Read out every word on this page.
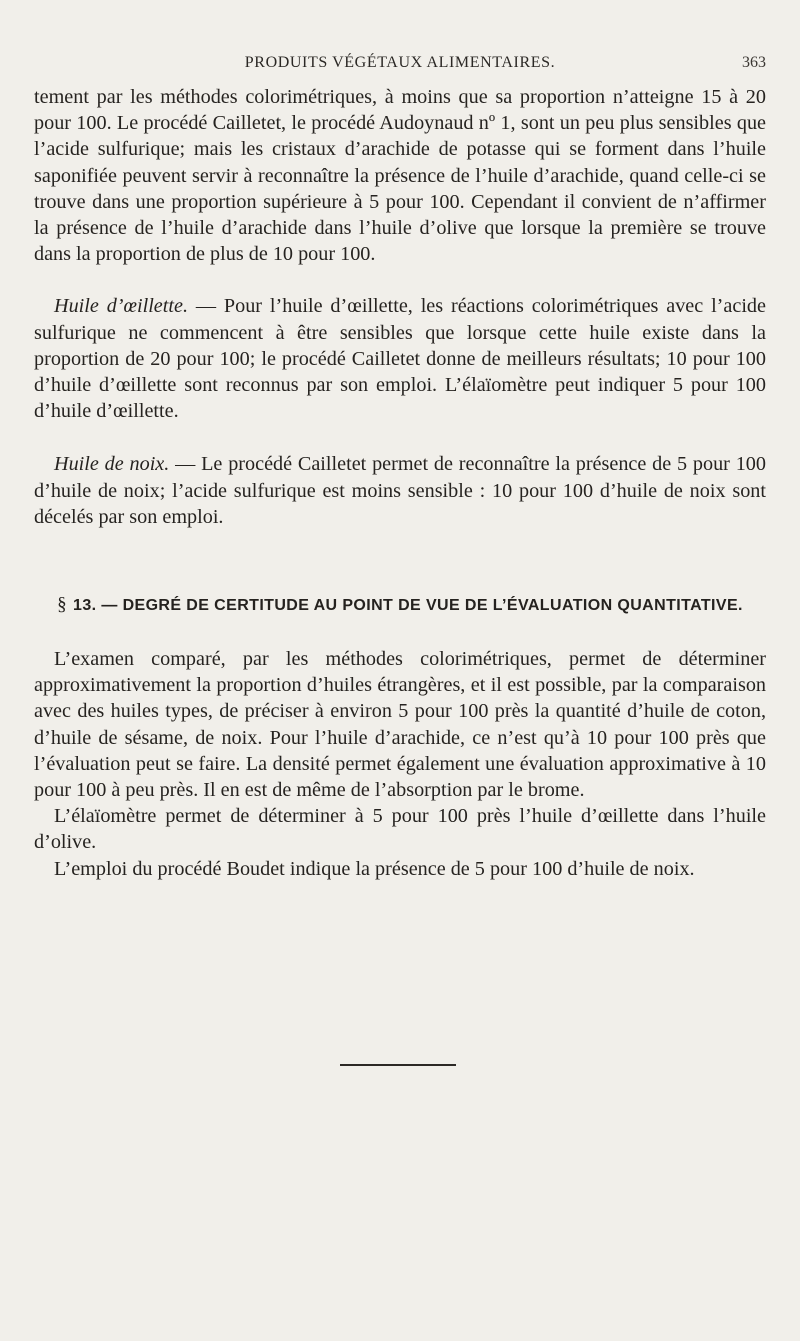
PRODUITS VÉGÉTAUX ALIMENTAIRES.	363

tement par les méthodes colorimétriques, à moins que sa proportion n’atteigne 15 à 20 pour 100. Le procédé Cailletet, le procédé Audoynaud nº 1, sont un peu plus sensibles que l’acide sulfurique; mais les cristaux d’arachide de potasse qui se forment dans l’huile saponifiée peuvent servir à reconnaître la présence de l’huile d’arachide, quand celle-ci se trouve dans une proportion supérieure à 5 pour 100. Cependant il convient de n’affirmer la présence de l’huile d’arachide dans l’huile d’olive que lorsque la première se trouve dans la proportion de plus de 10 pour 100.

Huile d’œillette. — Pour l’huile d’œillette, les réactions colorimétriques avec l’acide sulfurique ne commencent à être sensibles que lorsque cette huile existe dans la proportion de 20 pour 100; le procédé Cailletet donne de meilleurs résultats; 10 pour 100 d’huile d’œillette sont reconnus par son emploi. L’élaïomètre peut indiquer 5 pour 100 d’huile d’œillette.

Huile de noix. — Le procédé Cailletet permet de reconnaître la présence de 5 pour 100 d’huile de noix; l’acide sulfurique est moins sensible : 10 pour 100 d’huile de noix sont décelés par son emploi.

§ 13. — DEGRÉ DE CERTITUDE AU POINT DE VUE DE L’ÉVALUATION QUANTITATIVE.

L’examen comparé, par les méthodes colorimétriques, permet de déterminer approximativement la proportion d’huiles étrangères, et il est possible, par la comparaison avec des huiles types, de préciser à environ 5 pour 100 près la quantité d’huile de coton, d’huile de sésame, de noix. Pour l’huile d’arachide, ce n’est qu’à 10 pour 100 près que l’évaluation peut se faire. La densité permet également une évaluation approximative à 10 pour 100 à peu près. Il en est de même de l’absorption par le brome.

L’élaïomètre permet de déterminer à 5 pour 100 près l’huile d’œillette dans l’huile d’olive.

L’emploi du procédé Boudet indique la présence de 5 pour 100 d’huile de noix.
